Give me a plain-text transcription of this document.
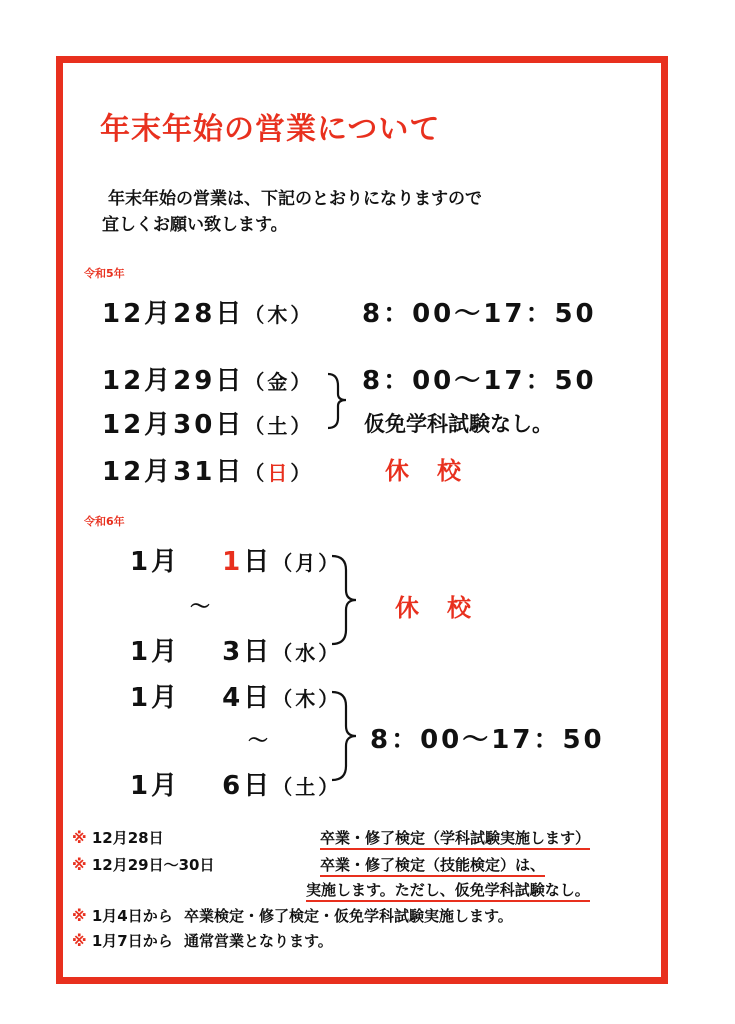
年末年始の営業について
年末年始の営業は、下記のとおりになりますので
宜しくお願い致します。
令和5年
12月28日（木） 8：00～17：50
12月29日（金） 8：00～17：50
12月30日（土） 仮免学科試験なし。
12月31日（日）	休　校
令和6年
1月 1日（月）
～
1月 3日（水）
休　校
1月 4日（木）
～
1月 6日（土）
8：00～17：50
※ 12月28日	卒業・修了検定（学科試験実施します）
※ 12月29日～30日	卒業・修了検定（技能検定）は、
実施します。ただし、仮免学科試験なし。
※ 1月4日から 卒業検定・修了検定・仮免学科試験実施します。
※ 1月7日から 通常営業となります。
